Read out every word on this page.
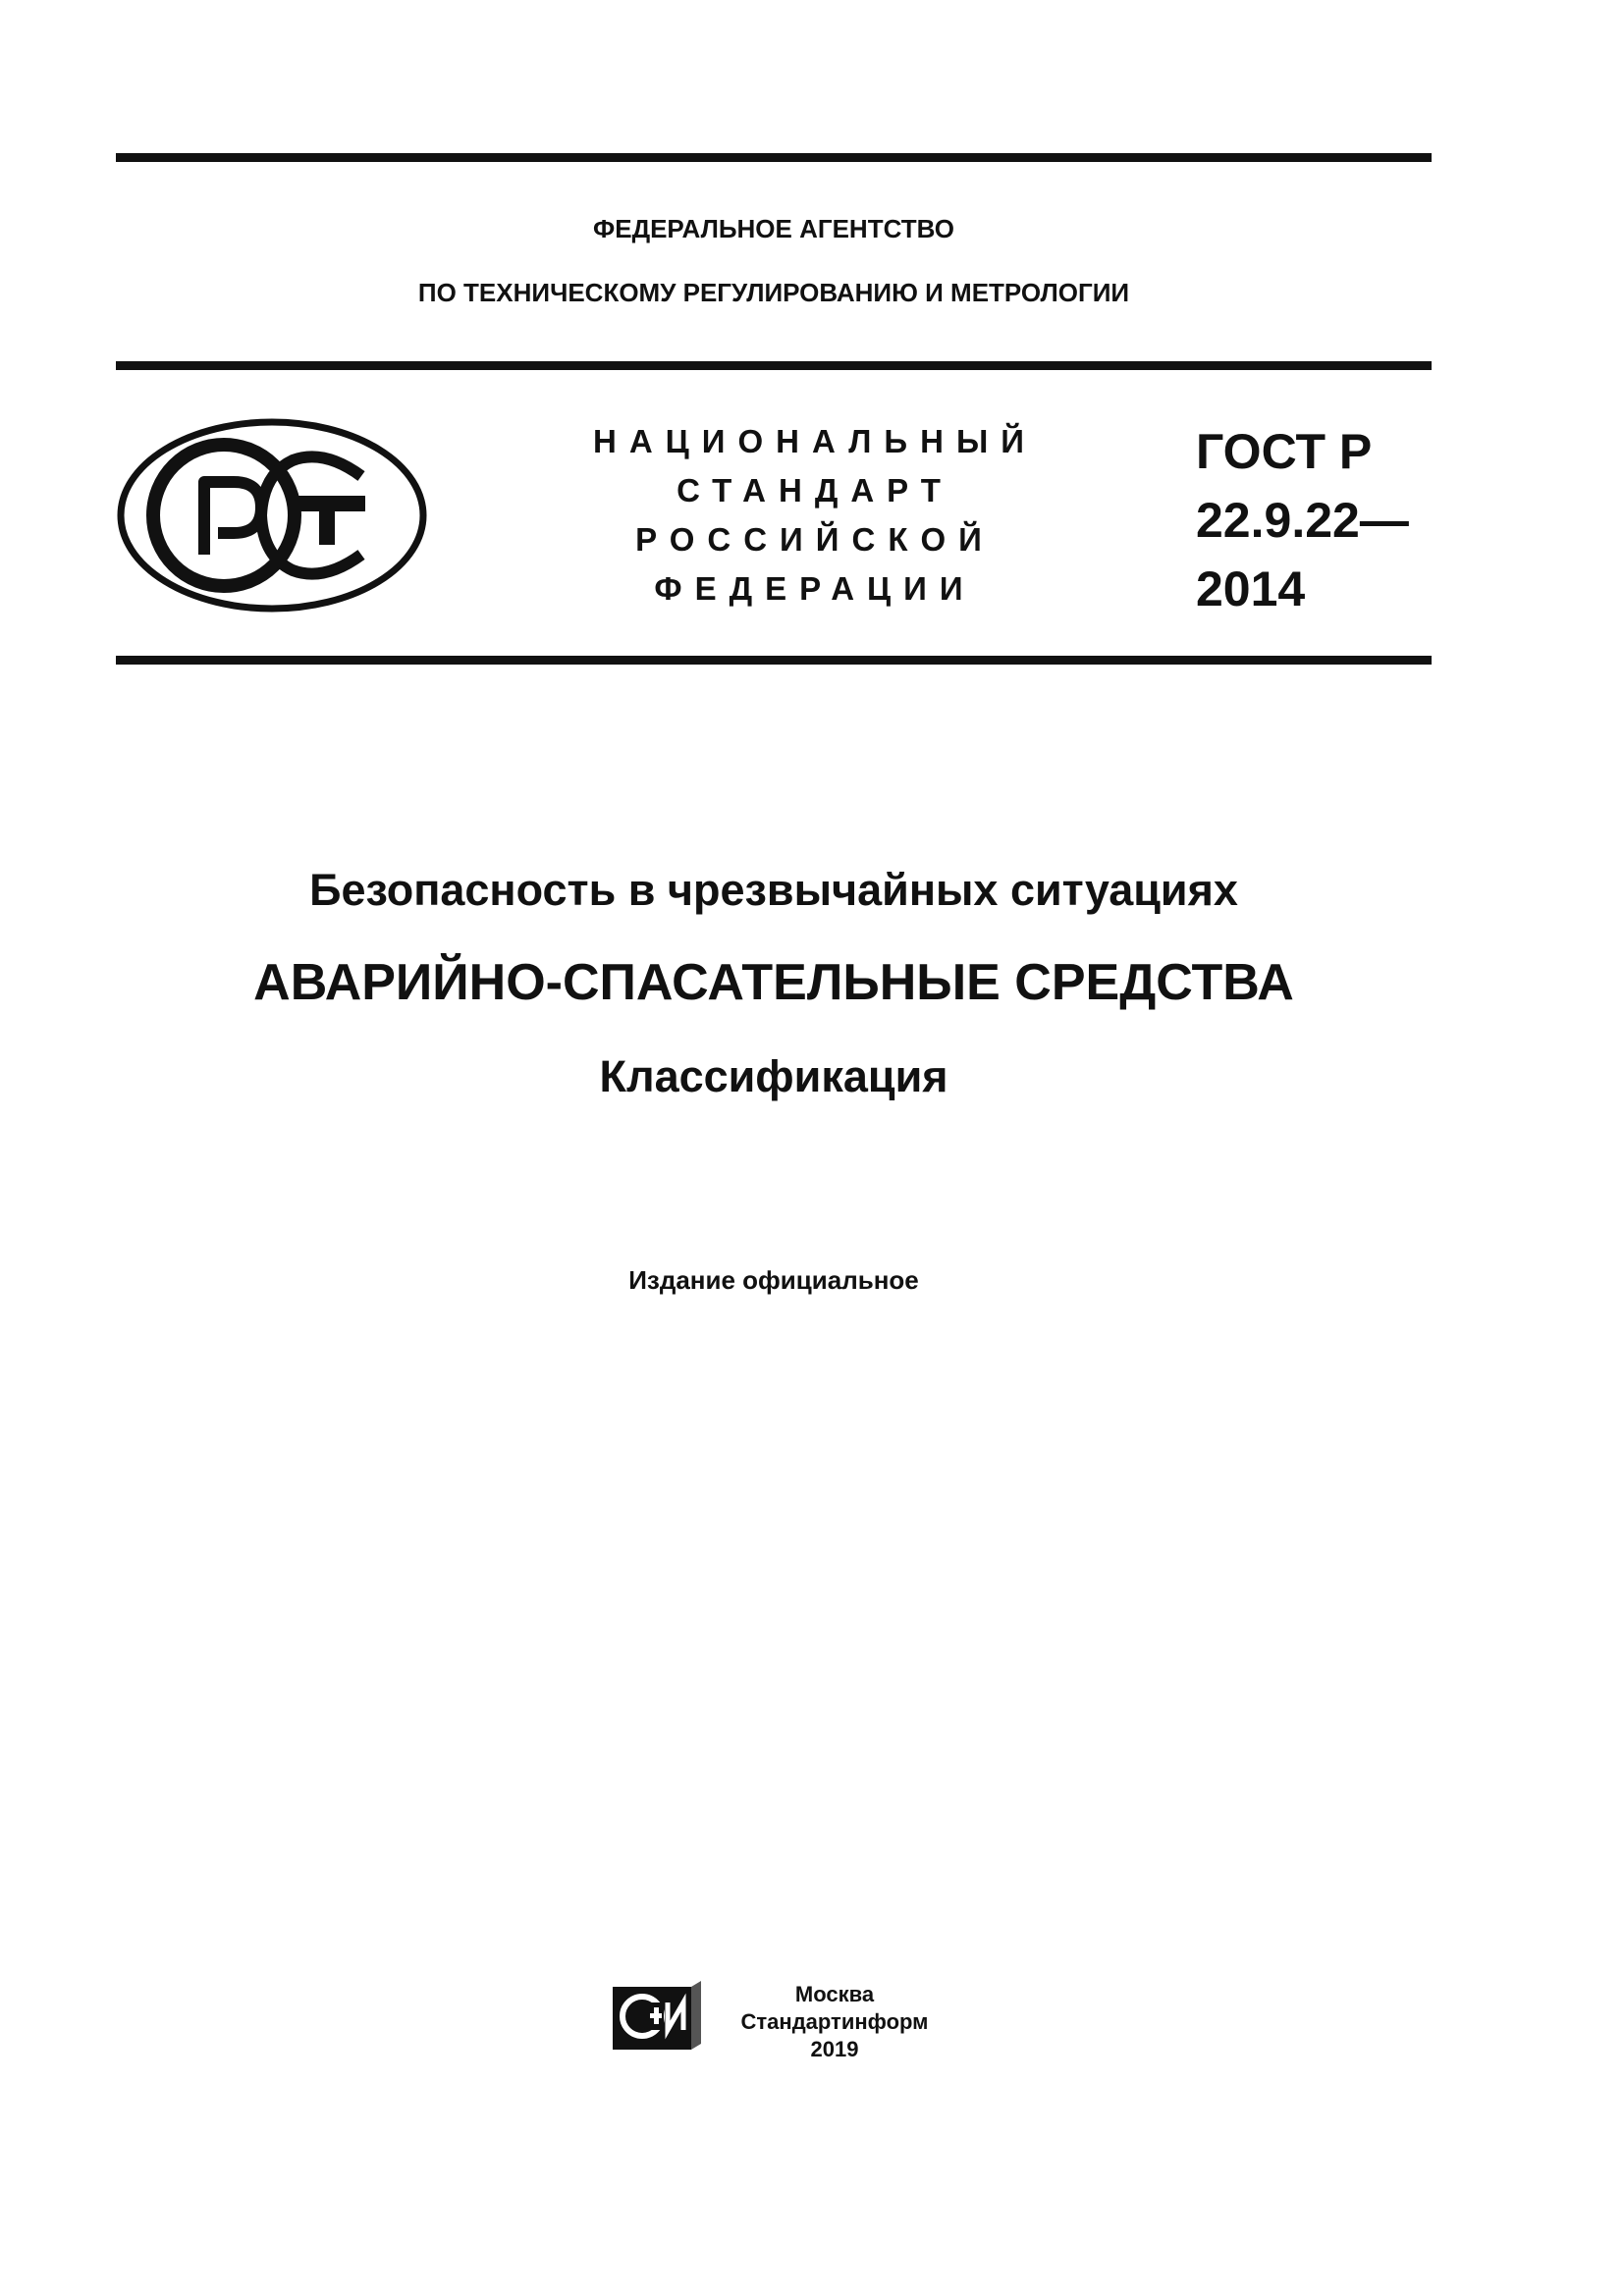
ФЕДЕРАЛЬНОЕ АГЕНТСТВО
ПО ТЕХНИЧЕСКОМУ РЕГУЛИРОВАНИЮ И МЕТРОЛОГИИ
НАЦИОНАЛЬНЫЙ
СТАНДАРТ
РОССИЙСКОЙ
ФЕДЕРАЦИИ
ГОСТ Р
22.9.22—
2014
Безопасность в чрезвычайных ситуациях
АВАРИЙНО-СПАСАТЕЛЬНЫЕ СРЕДСТВА
Классификация
Издание официальное
Москва
Стандартинформ
2019
